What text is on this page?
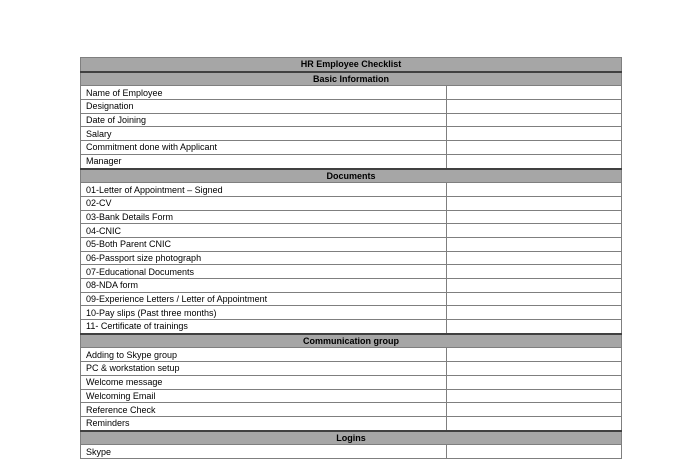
HR Employee Checklist	
Basic Information	
Name of Employee	
Designation	
Date of Joining	
Salary	
Commitment done with Applicant	
Manager	
Documents	
01-Letter of Appointment – Signed	
02-CV	
03-Bank Details Form	
04-CNIC	
05-Both Parent CNIC	
06-Passport size photograph	
07-Educational Documents	
08-NDA form	
09-Experience Letters / Letter of Appointment	
10-Pay slips (Past three months)	
11- Certificate of trainings	
Communication group	
Adding to Skype group	
PC & workstation setup	
Welcome message	
Welcoming Email	
Reference Check	
Reminders	
Logins	
Skype	
